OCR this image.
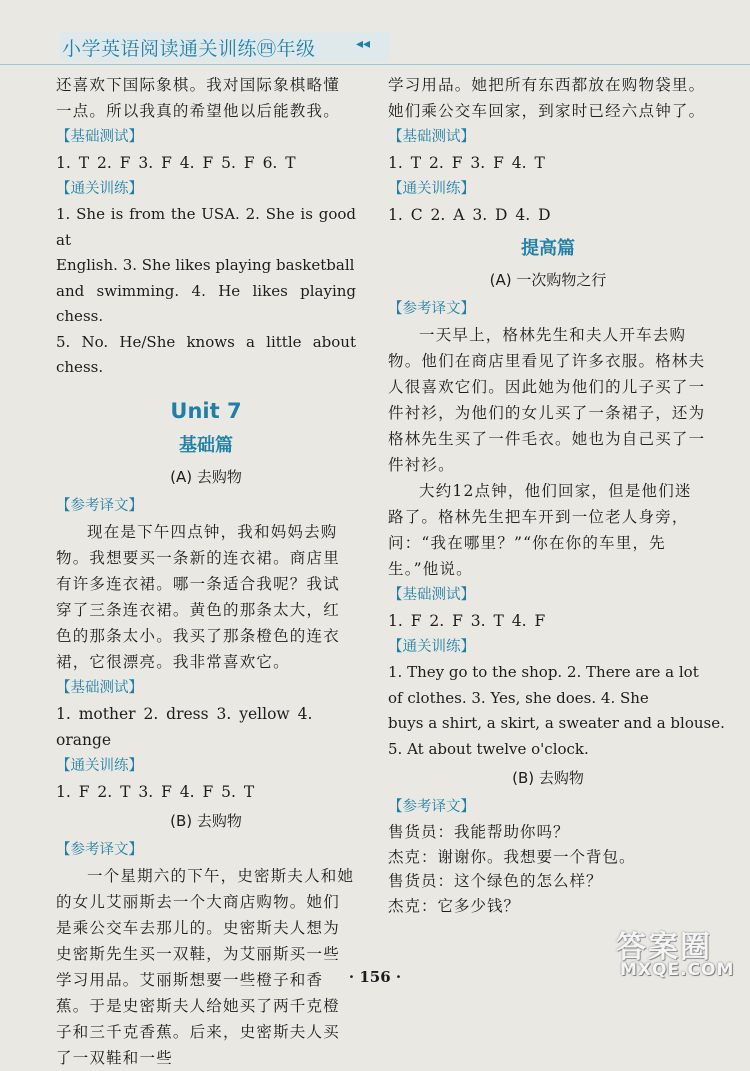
小学英语阅读通关训练㊃年级	◂◂

还喜欢下国际象棋。我对国际象棋略懂一点。所以我真的希望他以后能教我。

【基础测试】

1. T 2. F 3. F 4. F 5. F 6. T

【通关训练】

1. She is from the USA. 2. She is good at

English. 3. She likes playing basketball

and swimming. 4. He likes playing chess.

5. No. He/She knows a little about chess.

Unit 7
基础篇
(A) 去购物
【参考译文】

现在是下午四点钟，我和妈妈去购物。我想要买一条新的连衣裙。商店里有许多连衣裙。哪一条适合我呢？我试穿了三条连衣裙。黄色的那条太大，红色的那条太小。我买了那条橙色的连衣裙，它很漂亮。我非常喜欢它。

【基础测试】

1. mother 2. dress 3. yellow 4. orange

【通关训练】

1. F 2. T 3. F 4. F 5. T

(B) 去购物
【参考译文】

一个星期六的下午，史密斯夫人和她的女儿艾丽斯去一个大商店购物。她们是乘公交车去那儿的。史密斯夫人想为史密斯先生买一双鞋，为艾丽斯买一些学习用品。艾丽斯想要一些橙子和香蕉。于是史密斯夫人给她买了两千克橙子和三千克香蕉。后来，史密斯夫人买了一双鞋和一些

学习用品。她把所有东西都放在购物袋里。她们乘公交车回家，到家时已经六点钟了。

【基础测试】

1. T 2. F 3. F 4. T

【通关训练】

1. C 2. A 3. D 4. D

提高篇
(A) 一次购物之行
【参考译文】

一天早上，格林先生和夫人开车去购物。他们在商店里看见了许多衣服。格林夫人很喜欢它们。因此她为他们的儿子买了一件衬衫，为他们的女儿买了一条裙子，还为格林先生买了一件毛衣。她也为自己买了一件衬衫。

大约12点钟，他们回家，但是他们迷路了。格林先生把车开到一位老人身旁，问：“我在哪里？”“你在你的车里，先生。”他说。

【基础测试】

1. F 2. F 3. T 4. F

【通关训练】

1. They go to the shop. 2. There are a lot

of clothes. 3. Yes, she does. 4. She

buys a shirt, a skirt, a sweater and a blouse.

5. At about twelve o'clock.

(B) 去购物
【参考译文】

售货员：我能帮助你吗？

杰克：谢谢你。我想要一个背包。

售货员：这个绿色的怎么样？

杰克：它多少钱？

· 156 ·
答案圈
MXQE.COM
